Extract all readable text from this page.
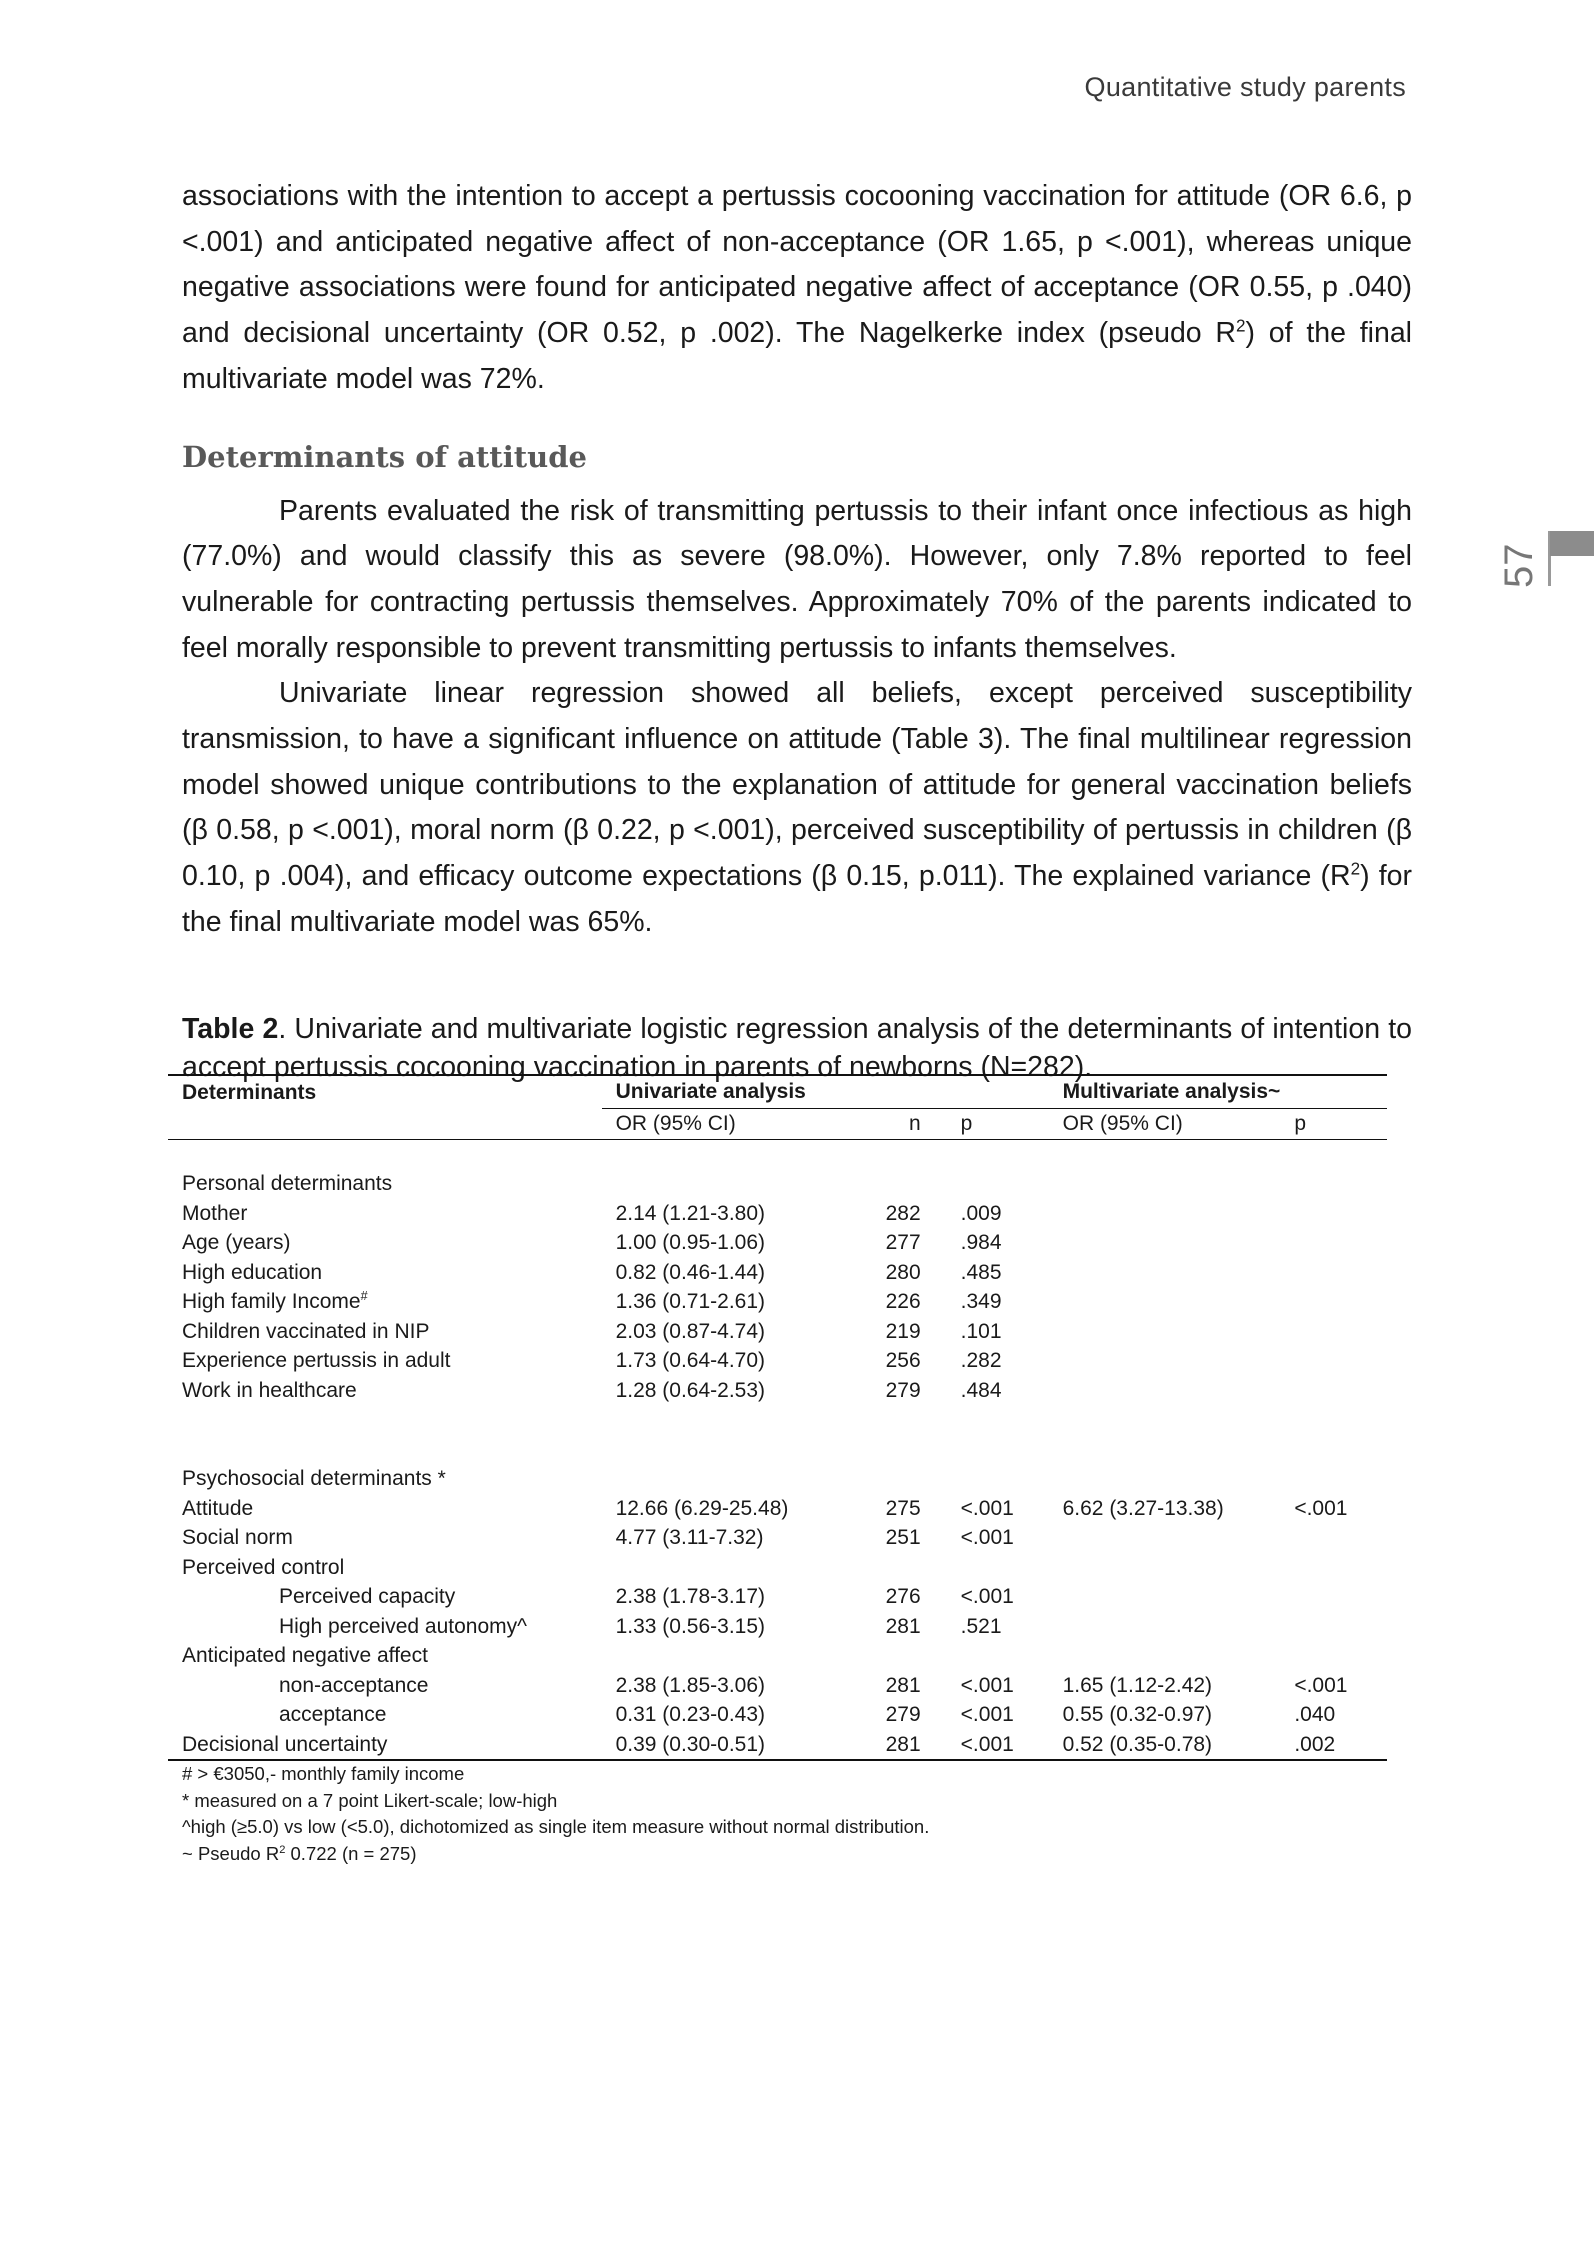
Quantitative study parents
57

associations with the intention to accept a pertussis cocooning vaccination for attitude (OR 6.6, p <.001) and anticipated negative affect of non-acceptance (OR 1.65, p <.001), whereas unique negative associations were found for anticipated negative affect of acceptance (OR 0.55, p .040) and decisional uncertainty (OR 0.52, p .002). The Nagelkerke index (pseudo $R^2$) of the final multivariate model was 72%.

Determinants of attitude

Parents evaluated the risk of transmitting pertussis to their infant once infectious as high (77.0%) and would classify this as severe (98.0%). However, only 7.8% reported to feel vulnerable for contracting pertussis themselves. Approximately 70% of the parents indicated to feel morally responsible to prevent transmitting pertussis to infants themselves.

Univariate linear regression showed all beliefs, except perceived susceptibility transmission, to have a significant influence on attitude (Table 3). The final multilinear regression model showed unique contributions to the explanation of attitude for general vaccination beliefs (β 0.58, p <.001), moral norm (β 0.22, p <.001), perceived susceptibility of pertussis in children (β 0.10, p .004), and efficacy outcome expectations (β 0.15, p.011). The explained variance $(R^2)$ for the final multivariate model was 65%.

Table 2. Univariate and multivariate logistic regression analysis of the determinants of intention to accept pertussis cocooning vaccination in parents of newborns (N=282).

Determinants	Univariate analysis			Multivariate analysis~	
	OR (95% CI)	n	p	OR (95% CI)	p

Personal determinants					
Mother	2.14 (1.21-3.80)	282	.009		
Age (years)	1.00 (0.95-1.06)	277	.984		
High education	0.82 (0.46-1.44)	280	.485		
High family Income#	1.36 (0.71-2.61)	226	.349		
Children vaccinated in NIP	2.03 (0.87-4.74)	219	.101		
Experience pertussis in adult	1.73 (0.64-4.70)	256	.282		
Work in healthcare	1.28 (0.64-2.53)	279	.484		

Psychosocial determinants *					
Attitude	12.66 (6.29-25.48)	275	<.001	6.62 (3.27-13.38)	<.001
Social norm	4.77 (3.11-7.32)	251	<.001		
Perceived control					
Perceived capacity	2.38 (1.78-3.17)	276	<.001		
High perceived autonomy^	1.33 (0.56-3.15)	281	.521		
Anticipated negative affect					
non-acceptance	2.38 (1.85-3.06)	281	<.001	1.65 (1.12-2.42)	<.001
acceptance	0.31 (0.23-0.43)	279	<.001	0.55 (0.32-0.97)	.040
Decisional uncertainty	0.39 (0.30-0.51)	281	<.001	0.52 (0.35-0.78)	.002
# > €3050,- monthly family income
* measured on a 7 point Likert-scale; low-high
^high (≥5.0) vs low (<5.0), dichotomized as single item measure without normal distribution.
~ Pseudo $R^2$ 0.722 (n = 275)
